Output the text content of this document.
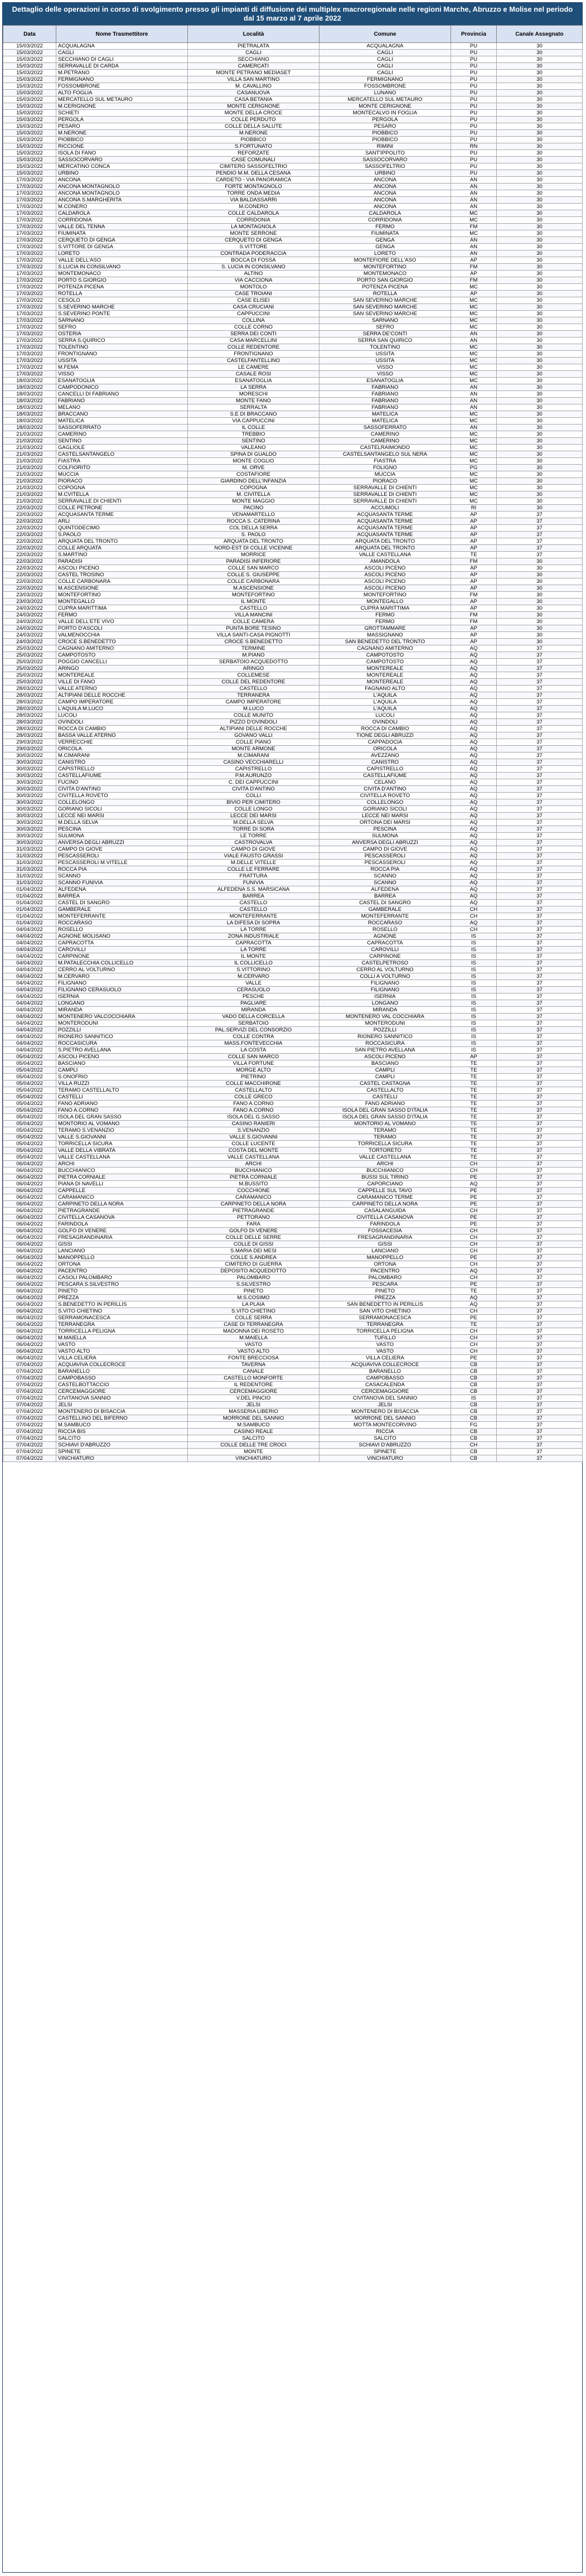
Dettaglio delle operazioni in corso di svolgimento presso gli impianti di diffusione dei multiplex macroregionale nelle regioni Marche, Abruzzo e Molise nel periodo dal 15 marzo al 7 aprile 2022
Data	Nome Trasmettitore	Località	Comune	Provincia	Canale Assegnato
15/03/2022	ACQUALAGNA	PIETRALATA	ACQUALAGNA	PU	30
15/03/2022	CAGLI	CAGLI	CAGLI	PU	30
15/03/2022	SECCHIANO DI CAGLI	SECCHIANO	CAGLI	PU	30
15/03/2022	SERRAVALLE DI CARDA	CAMERCATI	CAGLI	PU	30
15/03/2022	M.PETRANO	MONTE PETRANO MEDIASET	CAGLI	PU	30
15/03/2022	FERMIGNANO	VILLA SAN MARTINO	FERMIGNANO	PU	30
15/03/2022	FOSSOMBRONE	M. CAVALLINO	FOSSOMBRONE	PU	30
15/03/2022	ALTO FOGLIA	CASANUOVA	LUNANO	PU	30
15/03/2022	MERCATELLO SUL METAURO	CASA BETANIA	MERCATELLO SUL METAURO	PU	30
15/03/2022	M.CERIGNONE	MONTE CERIGNONE	MONTE CERIGNONE	PU	30
15/03/2022	SCHIETI	MONTE DELLA CROCE	MONTECALVO IN FOGLIA	PU	30
15/03/2022	PERGOLA	COLLE PERDUTO	PERGOLA	PU	30
15/03/2022	PESARO	COLLE DELLA SALUTE	PESARO	PU	30
15/03/2022	M.NERONE	M.NERONE	PIOBBICO	PU	30
15/03/2022	PIOBBICO	PIOBBICO	PIOBBICO	PU	30
15/03/2022	RICCIONE	S.FORTUNATO	RIMINI	RN	30
15/03/2022	ISOLA DI FANO	REFORZATE	SANT'IPPOLITO	PU	30
15/03/2022	SASSOCORVARO	CASE COMUNALI	SASSOCORVARO	PU	30
15/03/2022	MERCATINO CONCA	CIMITERO SASSOFELTRIO	SASSOFELTRIO	PU	30
15/03/2022	URBINO	PENDIO M.M. DELLA CESANA	URBINO	PU	30
17/03/2022	ANCONA	CARDETO - VIA PANORAMICA	ANCONA	AN	30
17/03/2022	ANCONA MONTAGNOLO	FORTE MONTAGNOLO	ANCONA	AN	30
17/03/2022	ANCONA MONTAGNOLO	TORRE ONDA MEDIA	ANCONA	AN	30
17/03/2022	ANCONA S.MARGHERITA	VIA BALDASSARRI	ANCONA	AN	30
17/03/2022	M.CONERO	M.CONERO	ANCONA	AN	30
17/03/2022	CALDAROLA	COLLE CALDAROLA	CALDAROLA	MC	30
17/03/2022	CORRIDONIA	CORRIDONIA	CORRIDONIA	MC	30
17/03/2022	VALLE DEL TENNA	LA MONTAGNOLA	FERMO	FM	30
17/03/2022	FIUMINATA	MONTE SERRONE	FIUMINATA	MC	30
17/03/2022	CERQUETO DI GENGA	CERQUETO DI GENGA	GENGA	AN	30
17/03/2022	S.VITTORE DI GENGA	S.VITTORE	GENGA	AN	30
17/03/2022	LORETO	CONTRADA PODERACCIA	LORETO	AN	30
17/03/2022	VALLE DELL'ASO	BOCCA DI FOSSA	MONTEFIORE DELL'ASO	AP	30
17/03/2022	S.LUCIA IN CONSILVANO	S. LUCIA IN CONSILVANO	MONTEFORTINO	FM	30
17/03/2022	MONTEMONACO	ALTINO	MONTEMONACO	AP	30
17/03/2022	PORTO S.GIORGIO	VIA CACCIONA	PORTO SAN GIORGIO	FM	30
17/03/2022	POTENZA PICENA	MONTOLO	POTENZA PICENA	MC	30
17/03/2022	ROTELLA	CASE TROIANI	ROTELLA	AP	30
17/03/2022	CESOLO	CASE ELISEI	SAN SEVERINO MARCHE	MC	30
17/03/2022	S.SEVERINO MARCHE	CASA CRUCIANI	SAN SEVERINO MARCHE	MC	30
17/03/2022	S.SEVERINO PONTE	CAPPUCCINI	SAN SEVERINO MARCHE	MC	30
17/03/2022	SARNANO	COLLINA	SARNANO	MC	30
17/03/2022	SEFRO	COLLE CORNO	SEFRO	MC	30
17/03/2022	OSTERIA	SERRA DEI CONTI	SERRA DE'CONTI	AN	30
17/03/2022	SERRA S.QUIRICO	CASA MARCELLINI	SERRA SAN QUIRICO	AN	30
17/03/2022	TOLENTINO	COLLE REDENTORE	TOLENTINO	MC	30
17/03/2022	FRONTIGNANO	FRONTIGNANO	USSITA	MC	30
17/03/2022	USSITA	CASTELFANTELLINO	USSITA	MC	30
17/03/2022	M.FEMA	LE CAMERE	VISSO	MC	30
17/03/2022	VISSO	CASALE ROSI	VISSO	MC	30
18/03/2022	ESANATOGLIA	ESANATOGLIA	ESANATOGLIA	MC	30
18/03/2022	CAMPODONICO	LA SERRA	FABRIANO	AN	30
18/03/2022	CANCELLI DI FABRIANO	MORESCHI	FABRIANO	AN	30
18/03/2022	FABRIANO	MONTE FANO	FABRIANO	AN	30
18/03/2022	MELANO	SERRALTA	FABRIANO	AN	30
18/03/2022	BRACCANO	S.E DI BRACCANO	MATELICA	MC	30
18/03/2022	MATELICA	VIA CAPPUCCINI	MATELICA	MC	30
18/03/2022	SASSOFERRATO	IL COLLE	SASSOFERRATO	AN	30
21/03/2022	CAMERINO	TREBBIO	CAMERINO	MC	30
21/03/2022	SENTINO	SENTINO	CAMERINO	MC	30
21/03/2022	GAGLIOLE	VALEANO	CASTELRAIMONDO	MC	30
21/03/2022	CASTELSANTANGELO	SPINA DI GUALDO	CASTELSANTANGELO SUL NERA	MC	30
21/03/2022	FIASTRA	MONTE COGLIO	FIASTRA	MC	30
21/03/2022	COLFIORITO	M. ORVE	FOLIGNO	PG	30
21/03/2022	MUCCIA	COSTAFIORE	MUCCIA	MC	30
21/03/2022	PIORACO	GIARDINO DELL'INFANZIA	PIORACO	MC	30
21/03/2022	COPOGNA	COPOGNA	SERRAVALLE DI CHIENTI	MC	30
21/03/2022	M.CVITELLA	M. CIVITELLA	SERRAVALLE DI CHIENTI	MC	30
21/03/2022	SERRAVALLE DI CHIENTI	MONTE MAGGIO	SERRAVALLE DI CHIENTI	MC	30
22/03/2022	COLLE PETRONE	PACINO	ACCUMOLI	RI	30
22/03/2022	ACQUASANTA TERME	VENAMARTELLO	ACQUASANTA TERME	AP	37
22/03/2022	ARLI	ROCCA S. CATERINA	ACQUASANTA TERME	AP	37
22/03/2022	QUINTODECIMO	COL DELLA SERRA	ACQUASANTA TERME	AP	37
22/03/2022	S.PAOLO	S. PAOLO	ACQUASANTA TERME	AP	37
22/03/2022	ARQUATA DEL TRONTO	ARQUATA DEL TRONTO	ARQUATA DEL TRONTO	AP	37
22/03/2022	COLLE ARQUATA	NORD-EST DI COLLE VICENNE	ARQUATA DEL TRONTO	AP	37
22/03/2022	S.MARTINO	MORRICE	VALLE CASTELLANA	TE	37
22/03/2022	PARADISI	PARADISI INFERIORE	AMANDOLA	FM	30
22/03/2022	ASCOLI PICENO	COLLE SAN MARCO	ASCOLI PICENO	AP	30
22/03/2022	CASTEL TROSINO	COLLE S. GIUSEPPE	ASCOLI PICENO	AP	30
22/03/2022	COLLE CARBONARA	COLLE CARBONARA	ASCOLI PICENO	AP	30
22/03/2022	M.ASCENSIONE	M.ASCENSIONE	ASCOLI PICENO	AP	30
23/03/2022	MONTEFORTINO	MONTEFORTINO	MONTEFORTINO	FM	30
23/03/2022	MONTEGALLO	IL MONTE	MONTEGALLO	AP	30
24/03/2022	CUPRA MARITTIMA	CASTELLO	CUPRA MARITTIMA	AP	30
24/03/2022	FERMO	VILLA MANCINI	FERMO	FM	30
24/03/2022	VALLE DELL'ETE VIVO	COLLE CAMERA	FERMO	FM	30
24/03/2022	PORTO D'ASCOLI	PUNTA BORE TESINO	GROTTAMMARE	AP	30
24/03/2022	VALMENOCCHIA	VILLA SANTI-CASA PIGNOTTI	MASSIGNANO	AP	30
24/03/2022	CROCE S.BENEDETTO	CROCE S.BENEDETTO	SAN BENEDETTO DEL TRONTO	AP	30
25/03/2022	CAGNANO AMITERNO	TERMINE	CAGNANO AMITERNO	AQ	37
25/03/2022	CAMPOTOSTO	M.PIANO	CAMPOTOSTO	AQ	37
25/03/2022	POGGIO CANCELLI	SERBATOIO ACQUEDOTTO	CAMPOTOSTO	AQ	37
25/03/2022	ARINGO	ARINGO	MONTEREALE	AQ	37
25/03/2022	MONTEREALE	COLLEMESE	MONTEREALE	AQ	37
25/03/2022	VILLE DI FANO	COLLE DEL REDENTORE	MONTEREALE	AQ	37
28/03/2022	VALLE ATERNO	CASTELLO	FAGNANO ALTO	AQ	37
28/03/2022	ALTIPIANI DELLE ROCCHE	TERRANERA	L'AQUILA	AQ	37
28/03/2022	CAMPO IMPERATORE	CAMPO IMPERATORE	L'AQUILA	AQ	37
28/03/2022	L'AQUILA M.LUCO	M.LUCO	L'AQUILA	AQ	37
28/03/2022	LUCOLI	COLLE MUNITO	LUCOLI	AQ	37
28/03/2022	OVINDOLI	PIZZO D'OVINDOLI	OVINDOLI	AQ	37
28/03/2022	ROCCA DI CAMBIO	ALTIPIANI DELLE ROCCHE	ROCCA DI CAMBIO	AQ	37
28/03/2022	BASSA VALLE ATERNO	GOVANO VALLI	TIONE DEGLI ABRUZZI	AQ	37
29/03/2022	VERRECCHIE	COLLE PIANO	CAPPADOCIA	AQ	37
29/03/2022	ORICOLA	MONTE ARMONE	ORICOLA	AQ	37
30/03/2022	M.CIMARANI	M.CIMARANI	AVEZZANO	AQ	37
30/03/2022	CANISTRO	CASINO VECCHIARELLI	CANISTRO	AQ	37
30/03/2022	CAPISTRELLO	CAPISTRELLO	CAPISTRELLO	AQ	37
30/03/2022	CASTELLAFIUME	P.M.AURUNZO	CASTELLAFIUME	AQ	37
30/03/2022	FUCINO	C. DEI CAPPUCCINI	CELANO	AQ	37
30/03/2022	CIVITA D'ANTINO	CIVITA D'ANTINO	CIVITA D'ANTINO	AQ	37
30/03/2022	CIVITELLA ROVETO	COLLI	CIVITELLA ROVETO	AQ	37
30/03/2022	COLLELONGO	BIVIO PER CIMITERO	COLLELONGO	AQ	37
30/03/2022	GORIANO SICOLI	COLLE LONGO	GORIANO SICOLI	AQ	37
30/03/2022	LECCE NEI MARSI	LECCE DEI MARSI	LECCE NEI MARSI	AQ	37
30/03/2022	M.DELLA SELVA	M.DELLA SELVA	ORTONA DEI MARSI	AQ	37
30/03/2022	PESCINA	TORRE DI SORA	PESCINA	AQ	37
30/03/2022	SULMONA	LE TORRE	SULMONA	AQ	37
30/03/2022	ANVERSA DEGLI ABRUZZI	CASTROVALVA	ANVERSA DEGLI ABRUZZI	AQ	37
31/03/2022	CAMPO DI GIOVE	CAMPO DI GIOVE	CAMPO DI GIOVE	AQ	37
31/03/2022	PESCASSEROLI	VIALE FAUSTO GRASSI	PESCASSEROLI	AQ	37
31/03/2022	PESCASSEROLI M.VITELLE	M.DELLE VITELLE	PESCASSEROLI	AQ	37
31/03/2022	ROCCA PIA	COLLE LE FERRARE	ROCCA PIA	AQ	37
31/03/2022	SCANNO	FRATTURA	SCANNO	AQ	37
31/03/2022	SCANNO FUNIVIA	FUNIVIA	SCANNO	AQ	37
01/04/2022	ALFEDENA	ALFEDENA S.S. MARSICANA	ALFEDENA	AQ	37
01/04/2022	BARREA	BARREA	BARREA	AQ	37
01/04/2022	CASTEL DI SANGRO	CASTELLO	CASTEL DI SANGRO	AQ	37
01/04/2022	GAMBERALE	CASTELLO	GAMBERALE	CH	37
01/04/2022	MONTEFERRANTE	MONTEFERRANTE	MONTEFERRANTE	CH	37
01/04/2022	ROCCARASO	LA DIFESA DI SOPRA	ROCCARASO	AQ	37
04/04/2022	ROSELLO	LA TORRE	ROSELLO	CH	37
04/04/2022	AGNONE MOLISANO	ZONA INDUSTRIALE	AGNONE	IS	37
04/04/2022	CAPRACOTTA	CAPRACOTTA	CAPRACOTTA	IS	37
04/04/2022	CAROVILLI	LA TORRE	CAROVILLI	IS	37
04/04/2022	CARPINONE	IL MONTE	CARPINONE	IS	37
04/04/2022	M.PATALECCHIA COLLICELLO	IL COLLICELLO	CASTELPETROSO	IS	37
04/04/2022	CERRO AL VOLTURNO	S.VITTORINO	CERRO AL VOLTURNO	IS	37
04/04/2022	M.CERVARO	M.CERVARO	COLLI A VOLTURNO	IS	37
04/04/2022	FILIGNANO	VALLE	FILIGNANO	IS	37
04/04/2022	FILIGNANO CERASUOLO	CERASUOLO	FILIGNANO	IS	37
04/04/2022	ISERNIA	PESCHE	ISERNIA	IS	37
04/04/2022	LONGANO	PAGLIARE	LONGANO	IS	37
04/04/2022	MIRANDA	MIRANDA	MIRANDA	IS	37
04/04/2022	MONTENERO VALCOCCHIARA	VADO DELLA CORCELLA	MONTENERO VAL COCCHIARA	IS	37
04/04/2022	MONTERODUNI	SERBATOIO	MONTERODUNI	IS	37
04/04/2022	POZZILLI	PAL.SERVIZI DEL CONSORZIO	POZZILLI	IS	37
04/04/2022	RIONERO SANNITICO	COLLE CONTRA	RIONERO SANNITICO	IS	37
04/04/2022	ROCCASICURA	MASS.FONTEVECCHIA	ROCCASICURA	IS	37
04/04/2022	S.PIETRO AVELLANA	LA COSTA	SAN PIETRO AVELLANA	IS	37
05/04/2022	ASCOLI PICENO	COLLE SAN MARCO	ASCOLI PICENO	AP	37
05/04/2022	BASCIANO	VILLA FORTUNE	BASCIANO	TE	37
05/04/2022	CAMPLI	MORGE ALTO	CAMPLI	TE	37
05/04/2022	S.ONOFRIO	PIETRINO	CAMPLI	TE	37
05/04/2022	VILLA RUZZI	COLLE MACCHIRONE	CASTEL CASTAGNA	TE	37
05/04/2022	TERAMO CASTELLALTO	CASTELLALTO	CASTELLALTO	TE	37
05/04/2022	CASTELLI	COLLE GRECO	CASTELLI	TE	37
05/04/2022	FANO ADRIANO	FANO A.CORNO	FANO ADRIANO	TE	37
05/04/2022	FANO A.CORNO	FANO A.CORNO	ISOLA DEL GRAN SASSO D'ITALIA	TE	37
05/04/2022	ISOLA DEL GRAN SASSO	ISOLA DEL G.SASSO	ISOLA DEL GRAN SASSO D'ITALIA	TE	37
05/04/2022	MONTORIO AL VOMANO	CASINO RANIERI	MONTORIO AL VOMANO	TE	37
05/04/2022	TERAMO S.VENANZIO	S.VENANZIO	TERAMO	TE	37
05/04/2022	VALLE S.GIOVANNI	VALLE S.GIOVANNI	TERAMO	TE	37
05/04/2022	TORRICELLA SICURA	COLLE LUCENTE	TORRICELLA SICURA	TE	37
05/04/2022	VALLE DELLA VIBRATA	COSTA DEL MONTE	TORTORETO	TE	37
05/04/2022	VALLE CASTELLANA	VALLE CASTELLANA	VALLE CASTELLANA	TE	37
06/04/2022	ARCHI	ARCHI	ARCHI	CH	37
06/04/2022	BUCCHIANICO	BUCCHIANICO	BUCCHIANICO	CH	37
06/04/2022	PIETRA CORNIALE	PIETRA CORNIALE	BUSSI SUL TIRINO	PE	37
06/04/2022	PIANA DI NAVELLI	M.BUSSITO	CAPORCIANO	AQ	37
06/04/2022	CAPPELLE	COCCHIONE	CAPPELLE SUL TAVO	PE	37
06/04/2022	CARAMANICO	CARAMANICO	CARAMANICO TERME	PE	37
06/04/2022	CARPINETO DELLA NORA	CARPINETO DELLA NORA	CARPINETO DELLA NORA	PE	37
06/04/2022	PIETRAGRANDE	PIETRAGRANDE	CASALANGUIDA	CH	37
06/04/2022	CIVITELLA CASANOVA	PETTORANO	CIVITELLA CASANOVA	PE	37
06/04/2022	FARINDOLA	FARA	FARINDOLA	PE	37
06/04/2022	GOLFO DI VENERE	GOLFO DI VENERE	FOSSACESIA	CH	37
06/04/2022	FRESAGRANDINARIA	COLLE DELLE SERRE	FRESAGRANDINARIA	CH	37
06/04/2022	GISSI	COLLE DI GISSI	GISSI	CH	37
06/04/2022	LANCIANO	S.MARIA DEI MESI	LANCIANO	CH	37
06/04/2022	MANOPPELLO	COLLE S.ANDREA	MANOPPELLO	PE	37
06/04/2022	ORTONA	CIMITERO DI GUERRA	ORTONA	CH	37
06/04/2022	PACENTRO	DEPOSITO ACQUEDOTTO	PACENTRO	AQ	37
06/04/2022	CASOLI PALOMBARO	PALOMBARO	PALOMBARO	CH	37
06/04/2022	PESCARA S.SILVESTRO	S.SILVESTRO	PESCARA	PE	37
06/04/2022	PINETO	PINETO	PINETO	TE	37
06/04/2022	PREZZA	M.S.COSIMO	PREZZA	AQ	37
06/04/2022	S.BENEDETTO IN PERILLIS	LA PLAIA	SAN BENEDETTO IN PERILLIS	AQ	37
06/04/2022	S.VITO CHIETINO	S.VITO CHIETINO	SAN VITO CHIETINO	CH	37
06/04/2022	SERRAMONACESCA	COLLE SERRA	SERRAMONACESCA	PE	37
06/04/2022	TERRANEGRA	CASE DI TERRANEGRA	TERRANEGRA	TE	37
06/04/2022	TORRICELLA PELIGNA	MADONNA DEI ROSETO	TORRICELLA PELIGNA	CH	37
06/04/2022	M.MAIELLA	M.MAIELLA	TUFILLO	CH	37
06/04/2022	VASTO	VASTO	VASTO	CH	37
06/04/2022	VASTO ALTO	VASTO ALTO	VASTO	CH	37
06/04/2022	VILLA CELIERA	FONTE BRECCIOSA	VILLA CELIERA	PE	37
07/04/2022	ACQUAVIVA COLLECROCE	TAVERNA	ACQUAVIVA COLLECROCE	CB	37
07/04/2022	BARANELLO	CANALE	BARANELLO	CB	37
07/04/2022	CAMPOBASSO	CASTELLO MONFORTE	CAMPOBASSO	CB	37
07/04/2022	CASTELBOTTACCIO	IL REDENTORE	CASACALENDA	CB	37
07/04/2022	CERCEMAGGIORE	CERCEMAGGIORE	CERCEMAGGIORE	CB	37
07/04/2022	CIVITANOVA SANNIO	V.DEL PINCIO	CIVITANOVA DEL SANNIO	IS	37
07/04/2022	JELSI	JELSI	JELSI	CB	37
07/04/2022	MONTENERO DI BISACCIA	MASSERIA LIBERIO	MONTENERO DI BISACCIA	CB	37
07/04/2022	CASTELLINO DEL BIFERNO	MORRONE DEL SANNIO	MORRONE DEL SANNIO	CB	37
07/04/2022	M.SAMBUCO	M.SAMBUCO	MOTTA MONTECORVINO	FG	37
07/04/2022	RICCIA BIS	CASINO REALE	RICCIA	CB	37
07/04/2022	SALCITO	SALCITO	SALCITO	CB	37
07/04/2022	SCHIAVI D'ABRUZZO	COLLE DELLE TRE CROCI	SCHIAVI D'ABRUZZO	CH	37
07/04/2022	SPINETE	MONTE	SPINETE	CB	37
07/04/2022	VINCHIATURO	VINCHIATURO	VINCHIATURO	CB	37
